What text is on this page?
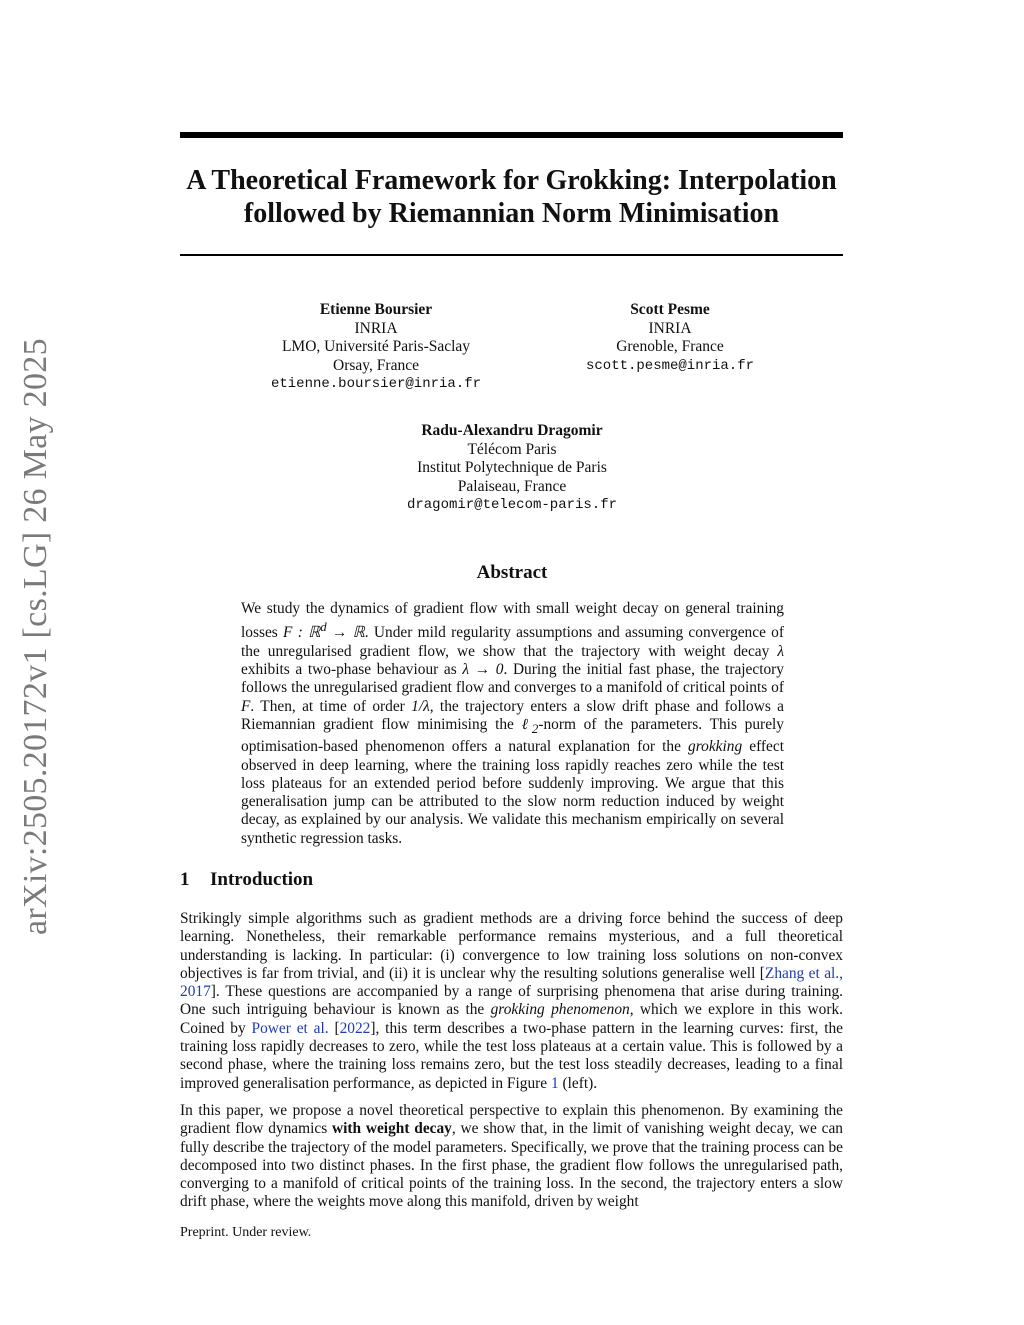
arXiv:2505.20172v1 [cs.LG] 26 May 2025
A Theoretical Framework for Grokking: Interpolation
followed by Riemannian Norm Minimisation
Etienne Boursier
INRIA
LMO, Université Paris-Saclay
Orsay, France
etienne.boursier@inria.fr
Scott Pesme
INRIA
Grenoble, France
scott.pesme@inria.fr
Radu-Alexandru Dragomir
Télécom Paris
Institut Polytechnique de Paris
Palaiseau, France
dragomir@telecom-paris.fr
Abstract

We study the dynamics of gradient flow with small weight decay on general training losses F : ℝ$^d$ → ℝ. Under mild regularity assumptions and assuming convergence of the unregularised gradient flow, we show that the trajectory with weight decay λ exhibits a two-phase behaviour as λ → 0. During the initial fast phase, the trajectory follows the unregularised gradient flow and converges to a manifold of critical points of F. Then, at time of order 1/λ, the trajectory enters a slow drift phase and follows a Riemannian gradient flow minimising the ℓ$_2$-norm of the parameters. This purely optimisation-based phenomenon offers a natural explanation for the grokking effect observed in deep learning, where the training loss rapidly reaches zero while the test loss plateaus for an extended period before suddenly improving. We argue that this generalisation jump can be attributed to the slow norm reduction induced by weight decay, as explained by our analysis. We validate this mechanism empirically on several synthetic regression tasks.

1 Introduction

Strikingly simple algorithms such as gradient methods are a driving force behind the success of deep learning. Nonetheless, their remarkable performance remains mysterious, and a full theoretical understanding is lacking. In particular: (i) convergence to low training loss solutions on non-convex objectives is far from trivial, and (ii) it is unclear why the resulting solutions generalise well [Zhang et al., 2017]. These questions are accompanied by a range of surprising phenomena that arise during training. One such intriguing behaviour is known as the grokking phenomenon, which we explore in this work. Coined by Power et al. [2022], this term describes a two-phase pattern in the learning curves: first, the training loss rapidly decreases to zero, while the test loss plateaus at a certain value. This is followed by a second phase, where the training loss remains zero, but the test loss steadily decreases, leading to a final improved generalisation performance, as depicted in Figure 1 (left).

In this paper, we propose a novel theoretical perspective to explain this phenomenon. By examining the gradient flow dynamics with weight decay, we show that, in the limit of vanishing weight decay, we can fully describe the trajectory of the model parameters. Specifically, we prove that the training process can be decomposed into two distinct phases. In the first phase, the gradient flow follows the unregularised path, converging to a manifold of critical points of the training loss. In the second, the trajectory enters a slow drift phase, where the weights move along this manifold, driven by weight

Preprint. Under review.
